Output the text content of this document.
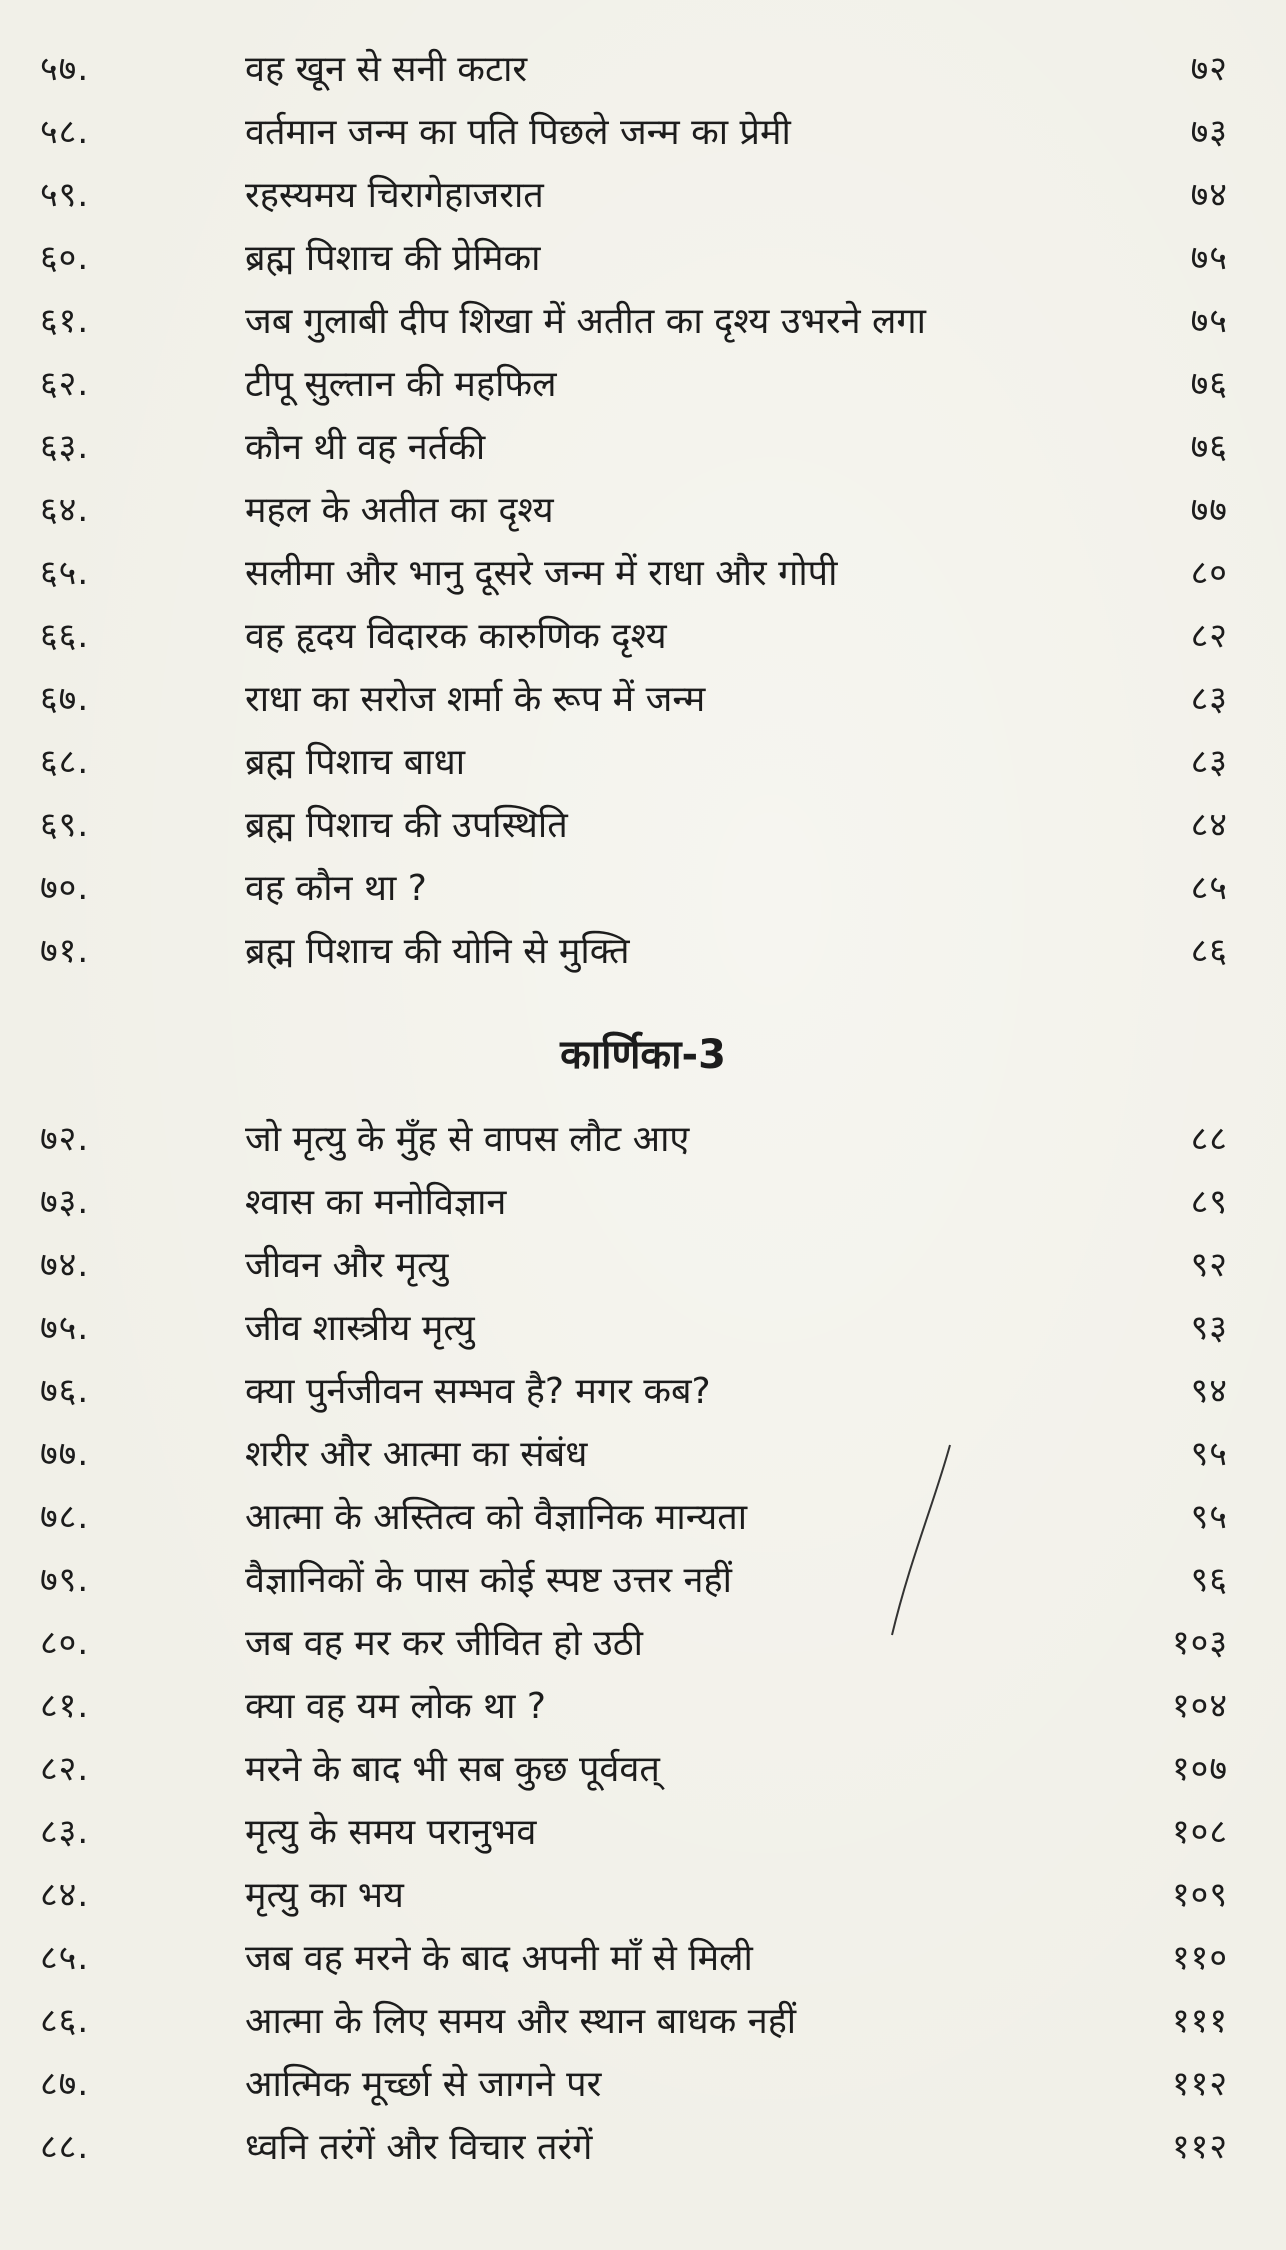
५७.	वह खून से सनी कटार	७२
५८.	वर्तमान जन्म का पति पिछले जन्म का प्रेमी	७३
५९.	रहस्यमय चिरागेहाजरात	७४
६०.	ब्रह्म पिशाच की प्रेमिका	७५
६१.	जब गुलाबी दीप शिखा में अतीत का दृश्य उभरने लगा	७५
६२.	टीपू सुल्तान की महफिल	७६
६३.	कौन थी वह नर्तकी	७६
६४.	महल के अतीत का दृश्य	७७
६५.	सलीमा और भानु दूसरे जन्म में राधा और गोपी	८०
६६.	वह हृदय विदारक कारुणिक दृश्य	८२
६७.	राधा का सरोज शर्मा के रूप में जन्म	८३
६८.	ब्रह्म पिशाच बाधा	८३
६९.	ब्रह्म पिशाच की उपस्थिति	८४
७०.	वह कौन था ?	८५
७१.	ब्रह्म पिशाच की योनि से मुक्ति	८६
कार्णिका-3
७२.	जो मृत्यु के मुँह से वापस लौट आए	८८
७३.	श्वास का मनोविज्ञान	८९
७४.	जीवन और मृत्यु	९२
७५.	जीव शास्त्रीय मृत्यु	९३
७६.	क्या पुर्नजीवन सम्भव है? मगर कब?	९४
७७.	शरीर और आत्मा का संबंध	९५
७८.	आत्मा के अस्तित्व को वैज्ञानिक मान्यता	९५
७९.	वैज्ञानिकों के पास कोई स्पष्ट उत्तर नहीं	९६
८०.	जब वह मर कर जीवित हो उठी	१०३
८१.	क्या वह यम लोक था ?	१०४
८२.	मरने के बाद भी सब कुछ पूर्ववत्	१०७
८३.	मृत्यु के समय परानुभव	१०८
८४.	मृत्यु का भय	१०९
८५.	जब वह मरने के बाद अपनी माँ से मिली	११०
८६.	आत्मा के लिए समय और स्थान बाधक नहीं	१११
८७.	आत्मिक मूर्च्छा से जागने पर	११२
८८.	ध्वनि तरंगें और विचार तरंगें	११२
